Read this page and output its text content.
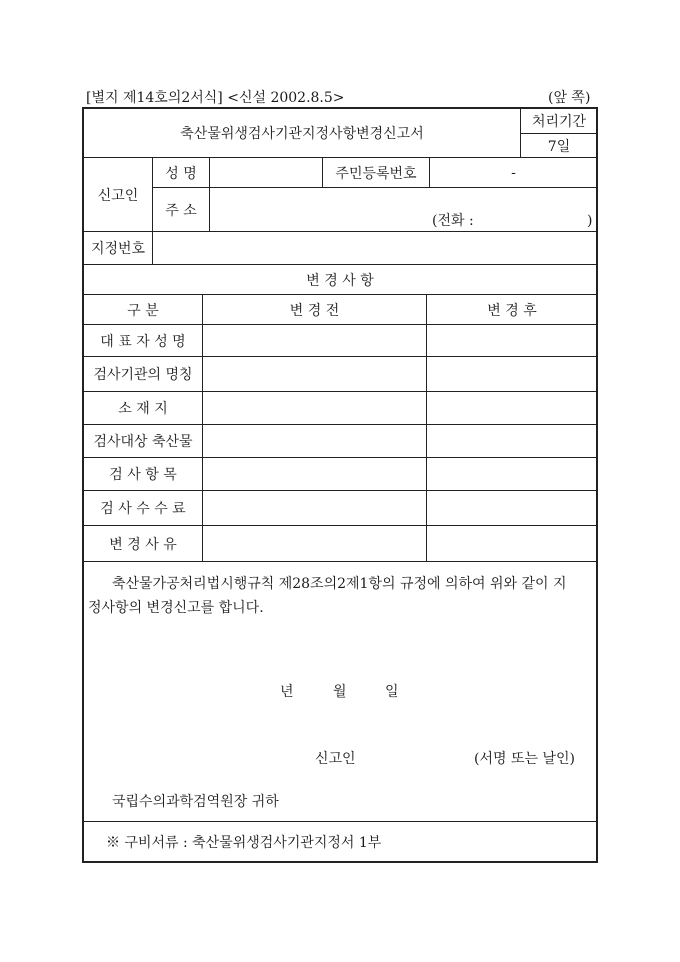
[별지 제14호의2서식] <신설 2002.8.5>	(앞 쪽)
축산물위생검사기관지정사항변경신고서
처리기간
7일
신고인
성 명	주민등록번호	-
주 소
(전화 :	)
지정번호
변 경 사 항
구 분	변 경 전	변 경 후
대 표 자 성 명
검사기관의 명칭
소 재 지
검사대상 축산물
검 사 항 목
검 사 수 수 료
변 경 사 유
축산물가공처리법시행규칙 제28조의2제1항의 규정에 의하여 위와 같이 지
정사항의 변경신고를 합니다.
년	월	일
신고인	(서명 또는 날인)
국립수의과학검역원장 귀하
※ 구비서류 : 축산물위생검사기관지정서 1부
